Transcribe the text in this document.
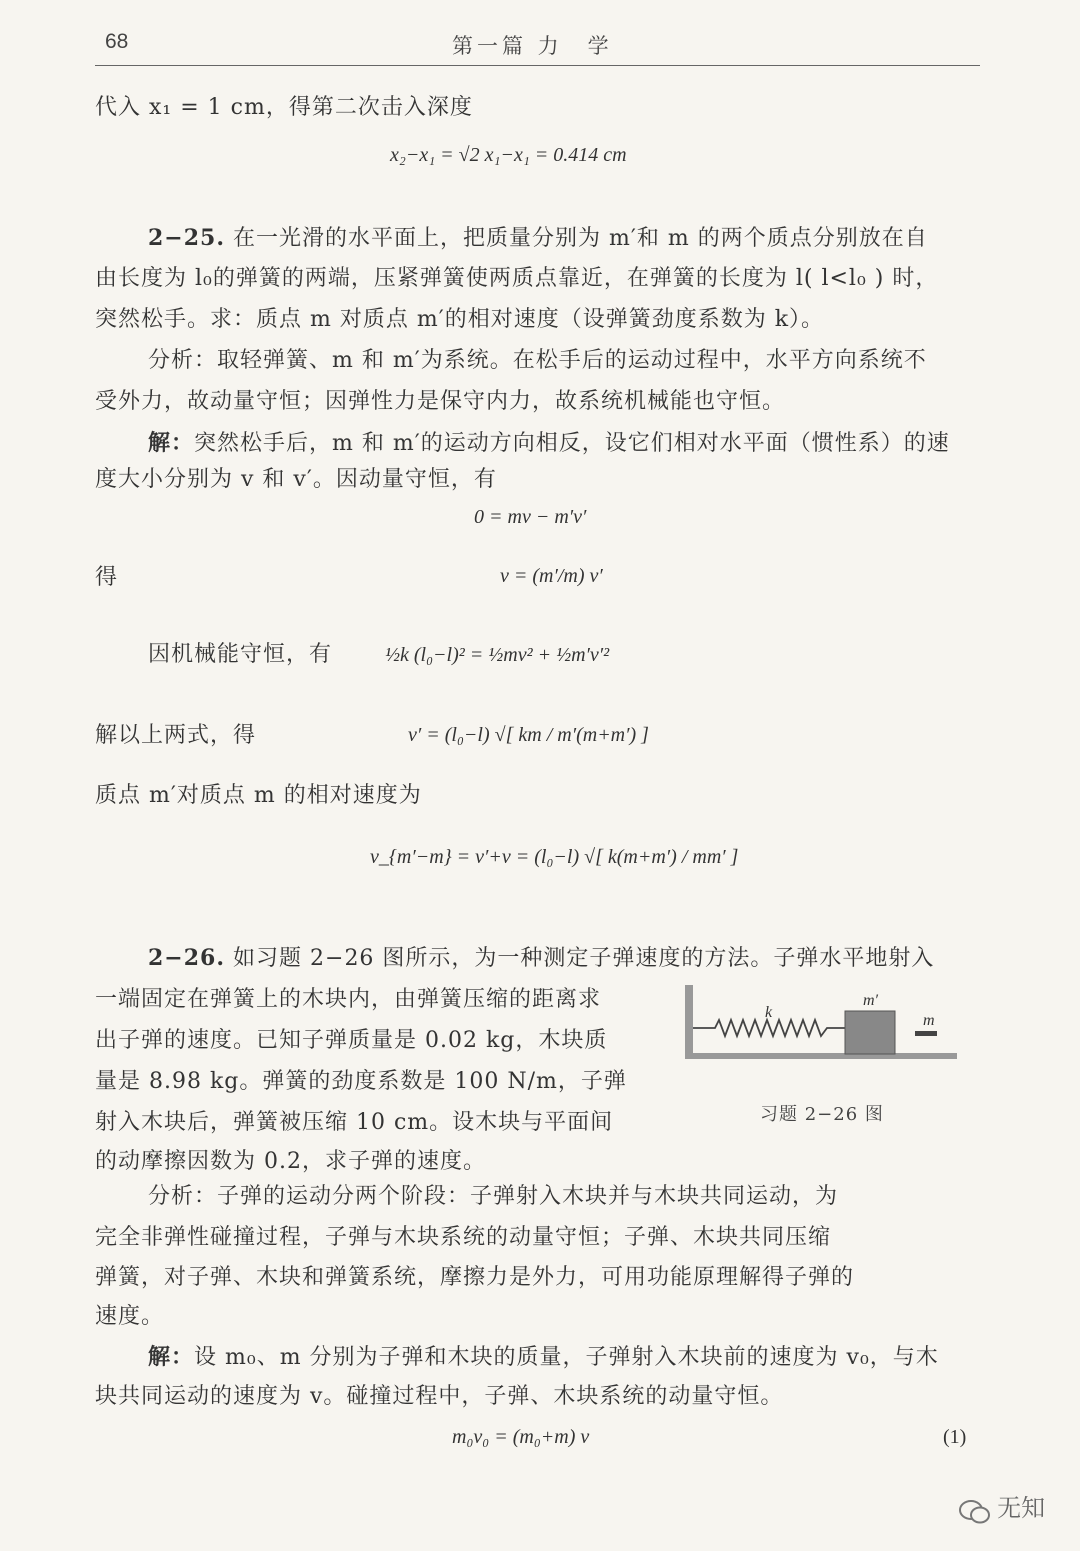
68	第一篇 力　学
代入 x₁ = 1 cm，得第二次击入深度
x₂−x₁ = √2 x₁−x₁ = 0.414 cm
2−25. 在一光滑的水平面上，把质量分别为 m′和 m 的两个质点分别放在自
由长度为 l₀的弹簧的两端，压紧弹簧使两质点靠近，在弹簧的长度为 l( l<l₀ ) 时，
突然松手。求：质点 m 对质点 m′的相对速度（设弹簧劲度系数为 k）。
分析：取轻弹簧、m 和 m′为系统。在松手后的运动过程中，水平方向系统不
受外力，故动量守恒；因弹性力是保守内力，故系统机械能也守恒。
解：突然松手后，m 和 m′的运动方向相反，设它们相对水平面（惯性系）的速
度大小分别为 v 和 v′。因动量守恒，有
0 = mv − m′v′
得	v = (m′/m) v′
因机械能守恒，有	½k (l₀−l)² = ½mv² + ½m′v′²
解以上两式，得	v′ = (l₀−l) √[ km / m′(m+m′) ]
质点 m′对质点 m 的相对速度为
v_{m′−m} = v′+v = (l₀−l) √[ k(m+m′) / mm′ ]
2−26. 如习题 2−26 图所示，为一种测定子弹速度的方法。子弹水平地射入
一端固定在弹簧上的木块内，由弹簧压缩的距离求
出子弹的速度。已知子弹质量是 0.02 kg，木块质
量是 8.98 kg。弹簧的劲度系数是 100 N/m，子弹
射入木块后，弹簧被压缩 10 cm。设木块与平面间
的动摩擦因数为 0.2，求子弹的速度。
k
m′
m
习题 2−26 图
分析：子弹的运动分两个阶段：子弹射入木块并与木块共同运动，为
完全非弹性碰撞过程，子弹与木块系统的动量守恒；子弹、木块共同压缩
弹簧，对子弹、木块和弹簧系统，摩擦力是外力，可用功能原理解得子弹的
速度。
解：设 m₀、m 分别为子弹和木块的质量，子弹射入木块前的速度为 v₀，与木
块共同运动的速度为 v。碰撞过程中，子弹、木块系统的动量守恒。
m₀v₀ = (m₀+m) v	(1)
无知
